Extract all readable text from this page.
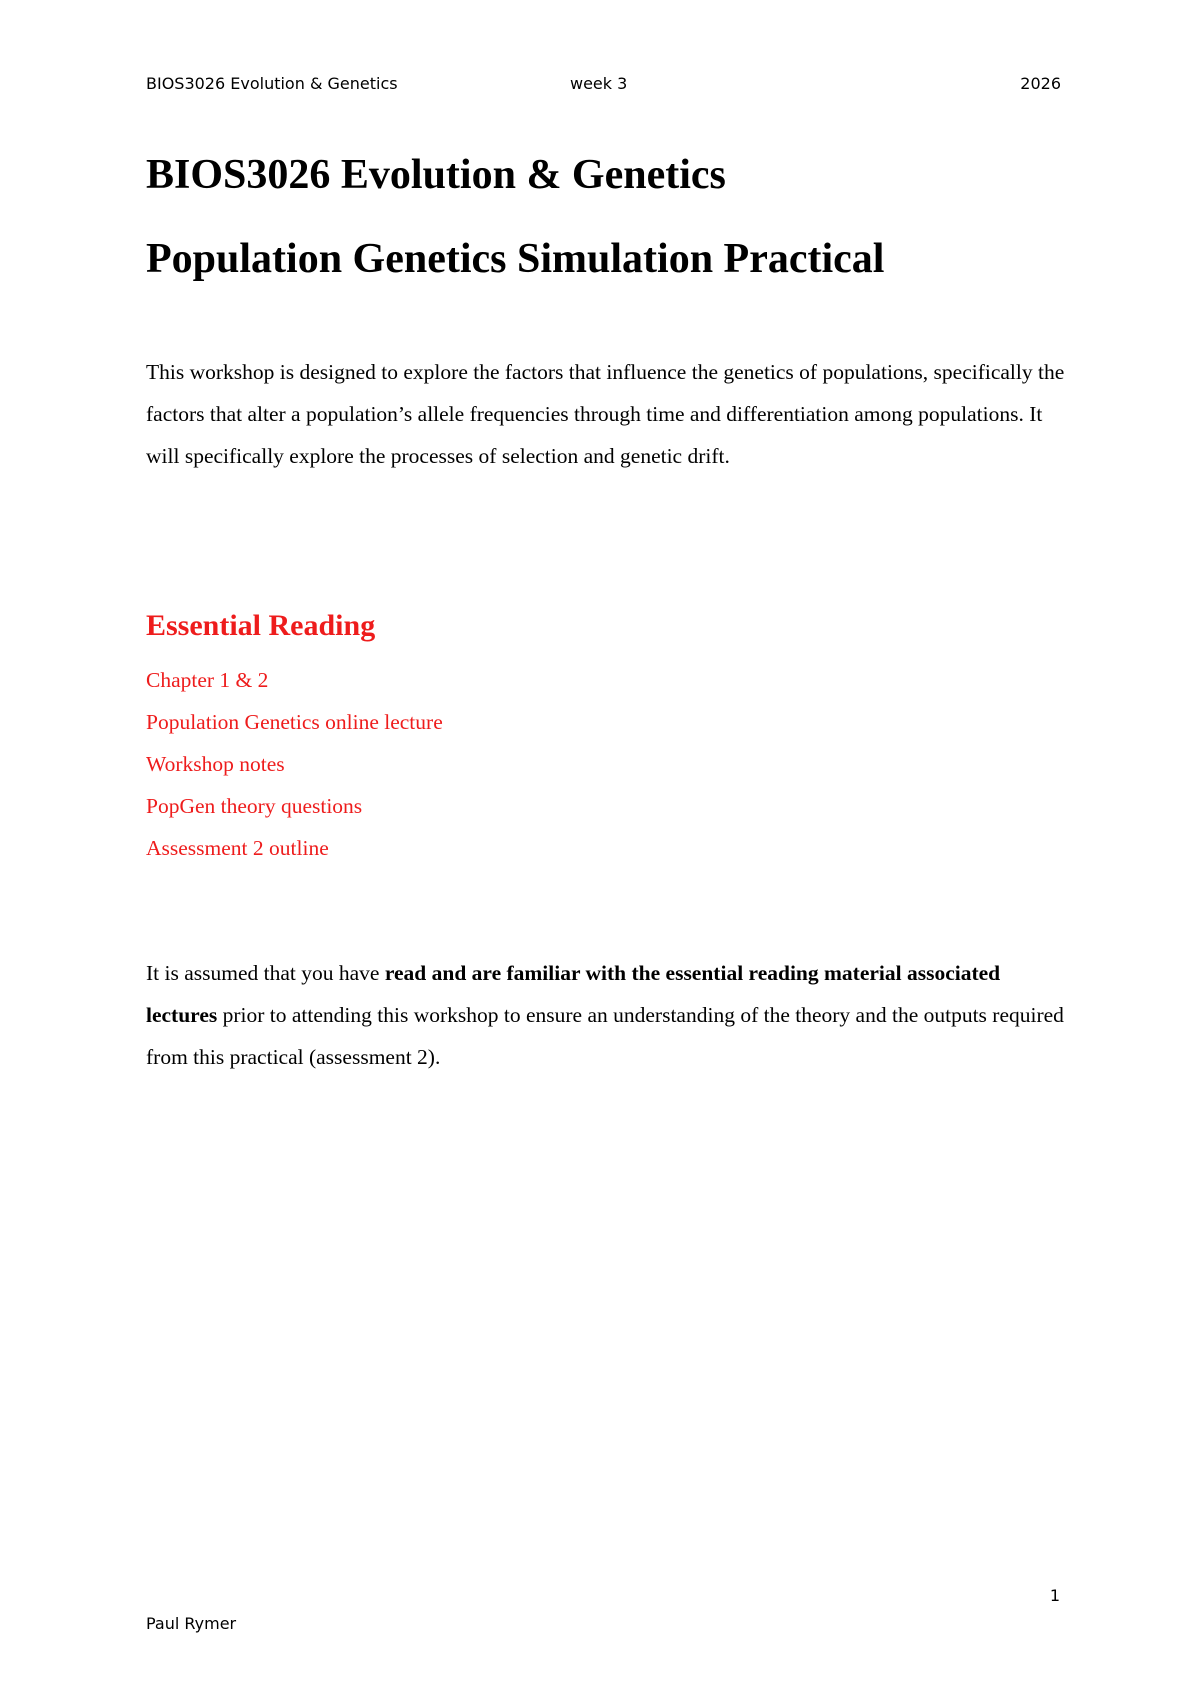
BIOS3026 Evolution & Genetics	week 3	2026
BIOS3026 Evolution & Genetics
Population Genetics Simulation Practical

This workshop is designed to explore the factors that influence the genetics of populations, specifically the factors that alter a population’s allele frequencies through time and differentiation among populations. It will specifically explore the processes of selection and genetic drift.

Essential Reading
Chapter 1 & 2
Population Genetics online lecture
Workshop notes
PopGen theory questions
Assessment 2 outline

It is assumed that you have read and are familiar with the essential reading material associated lectures prior to attending this workshop to ensure an understanding of the theory and the outputs required from this practical (assessment 2).

1
Paul Rymer
